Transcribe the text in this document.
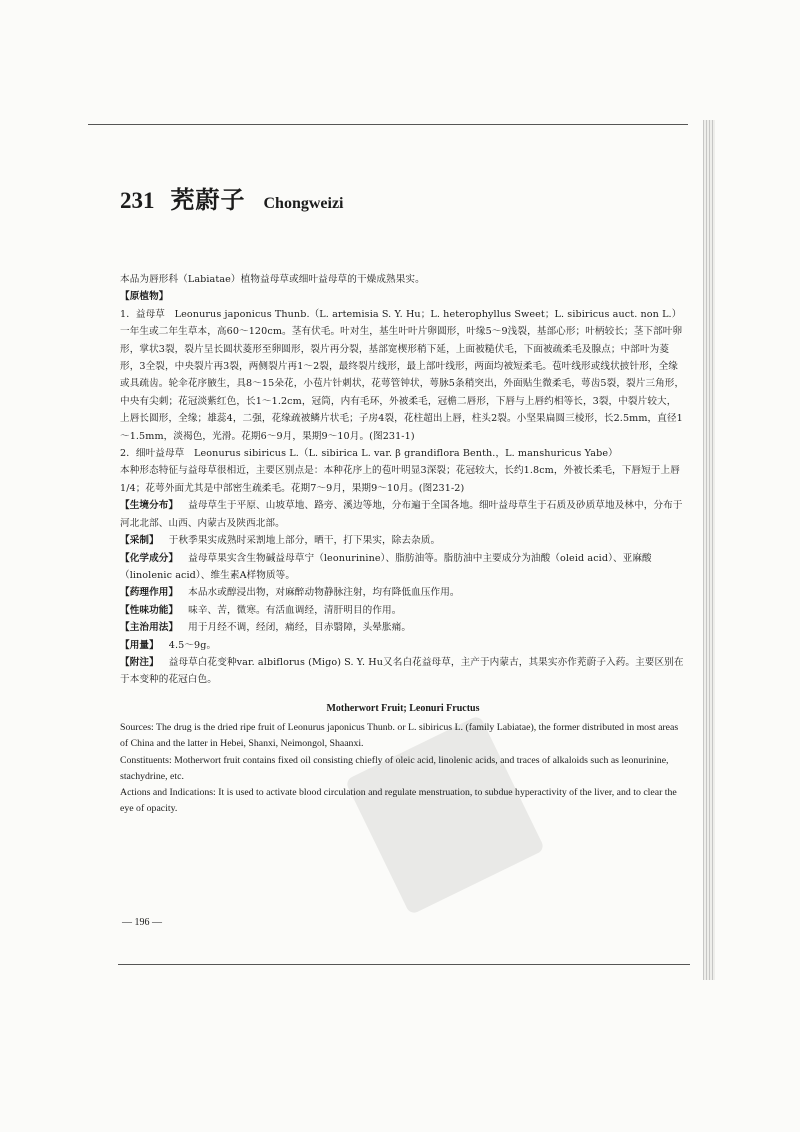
231 茺蔚子 Chongweizi

本品为唇形科（Labiatae）植物益母草或细叶益母草的干燥成熟果实。

【原植物】

1．益母草　Leonurus japonicus Thunb.（L. artemisia S. Y. Hu；L. heterophyllus Sweet；L. sibiricus auct. non L.）

一年生或二年生草本，高60～120cm。茎有伏毛。叶对生，基生叶叶片卵圆形，叶缘5～9浅裂，基部心形；叶柄较长；茎下部叶卵形，掌状3裂，裂片呈长圆状菱形至卵圆形，裂片再分裂，基部宽楔形稍下延，上面被糙伏毛，下面被疏柔毛及腺点；中部叶为菱形，3全裂，中央裂片再3裂，两侧裂片再1～2裂，最终裂片线形，最上部叶线形，两面均被短柔毛。苞叶线形或线状披针形，全缘或具疏齿。轮伞花序腋生，具8～15朵花，小苞片针刺状，花萼管钟状，萼脉5条稍突出，外面贴生微柔毛，萼齿5裂，裂片三角形，中央有尖刺；花冠淡紫红色，长1～1.2cm，冠筒，内有毛环，外被柔毛，冠檐二唇形，下唇与上唇约相等长，3裂，中裂片较大，上唇长圆形，全缘；雄蕊4，二强，花缘疏被鳞片状毛；子房4裂，花柱超出上唇，柱头2裂。小坚果扁圆三棱形，长2.5mm，直径1～1.5mm，淡褐色，光滑。花期6～9月，果期9～10月。(图231-1)

2．细叶益母草　Leonurus sibiricus L.（L. sibirica L. var. β grandiflora Benth.，L. manshuricus Yabe）

本种形态特征与益母草很相近，主要区别点是：本种花序上的苞叶明显3深裂；花冠较大，长约1.8cm，外被长柔毛，下唇短于上唇1/4；花萼外面尤其是中部密生疏柔毛。花期7～9月，果期9～10月。(图231-2)

【生境分布】 益母草生于平原、山坡草地、路旁、溪边等地，分布遍于全国各地。细叶益母草生于石质及砂质草地及林中，分布于河北北部、山西、内蒙古及陕西北部。

【采制】 于秋季果实成熟时采割地上部分，晒干，打下果实，除去杂质。

【化学成分】 益母草果实含生物碱益母草宁（leonurinine）、脂肪油等。脂肪油中主要成分为油酸（oleid acid）、亚麻酸（linolenic acid）、维生素A样物质等。

【药理作用】 本品水或醇浸出物，对麻醉动物静脉注射，均有降低血压作用。

【性味功能】 味辛、苦，微寒。有活血调经，清肝明目的作用。

【主治用法】 用于月经不调，经闭，痛经，目赤翳障，头晕胀痛。

【用量】 4.5～9g。

【附注】 益母草白花变种var. albiflorus (Migo) S. Y. Hu又名白花益母草，主产于内蒙古，其果实亦作茺蔚子入药。主要区别在于本变种的花冠白色。

Motherwort Fruit; Leonuri Fructus

Sources: The drug is the dried ripe fruit of Leonurus japonicus Thunb. or L. sibiricus L. (family Labiatae), the former distributed in most areas of China and the latter in Hebei, Shanxi, Neimongol, Shaanxi.

Constituents: Motherwort fruit contains fixed oil consisting chiefly of oleic acid, linolenic acids, and traces of alkaloids such as leonurinine, stachydrine, etc.

Actions and Indications: It is used to activate blood circulation and regulate menstruation, to subdue hyperactivity of the liver, and to clear the eye of opacity.

— 196 —
